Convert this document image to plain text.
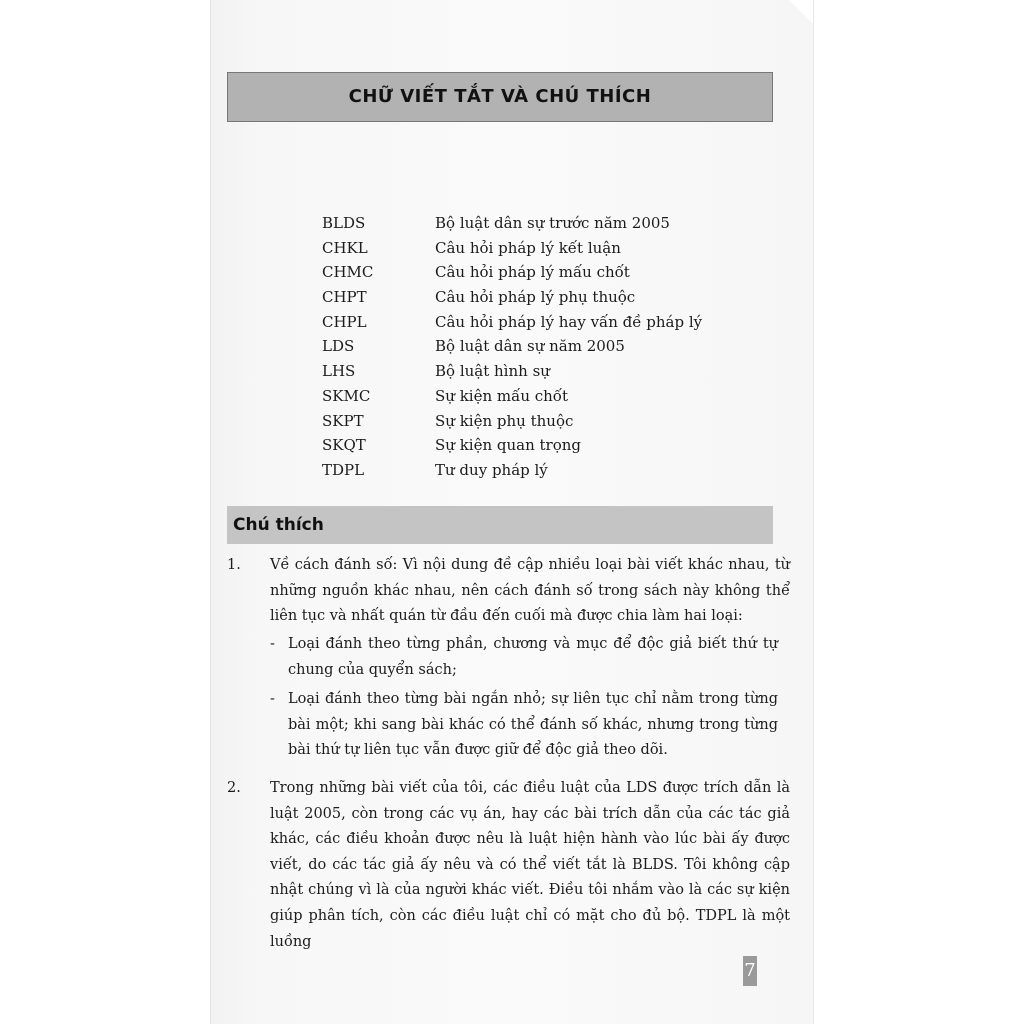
CHỮ VIẾT TẮT VÀ CHÚ THÍCH
BLDS	Bộ luật dân sự trước năm 2005
CHKL	Câu hỏi pháp lý kết luận
CHMC	Câu hỏi pháp lý mấu chốt
CHPT	Câu hỏi pháp lý phụ thuộc
CHPL	Câu hỏi pháp lý hay vấn đề pháp lý
LDS	Bộ luật dân sự năm 2005
LHS	Bộ luật hình sự
SKMC	Sự kiện mấu chốt
SKPT	Sự kiện phụ thuộc
SKQT	Sự kiện quan trọng
TDPL	Tư duy pháp lý
Chú thích
1. Về cách đánh số: Vì nội dung đề cập nhiều loại bài viết khác nhau, từ những nguồn khác nhau, nên cách đánh số trong sách này không thể liên tục và nhất quán từ đầu đến cuối mà được chia làm hai loại:
- Loại đánh theo từng phần, chương và mục để độc giả biết thứ tự chung của quyển sách;
- Loại đánh theo từng bài ngắn nhỏ; sự liên tục chỉ nằm trong từng bài một; khi sang bài khác có thể đánh số khác, nhưng trong từng bài thứ tự liên tục vẫn được giữ để độc giả theo dõi.
2. Trong những bài viết của tôi, các điều luật của LDS được trích dẫn là luật 2005, còn trong các vụ án, hay các bài trích dẫn của các tác giả khác, các điều khoản được nêu là luật hiện hành vào lúc bài ấy được viết, do các tác giả ấy nêu và có thể viết tắt là BLDS. Tôi không cập nhật chúng vì là của người khác viết. Điều tôi nhắm vào là các sự kiện giúp phân tích, còn các điều luật chỉ có mặt cho đủ bộ. TDPL là một luồng
7
